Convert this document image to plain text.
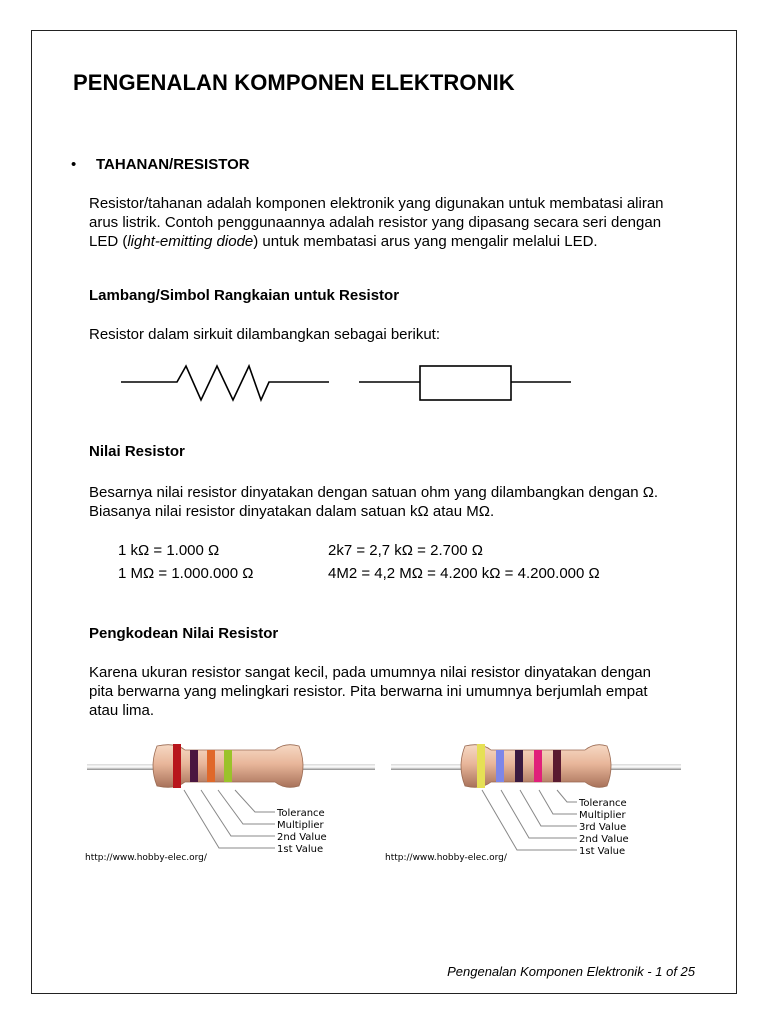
PENGENALAN KOMPONEN ELEKTRONIK
• TAHANAN/RESISTOR
Resistor/tahanan adalah komponen elektronik yang digunakan untuk membatasi aliran
arus listrik. Contoh penggunaannya adalah resistor yang dipasang secara seri dengan
LED (light-emitting diode) untuk membatasi arus yang mengalir melalui LED.
Lambang/Simbol Rangkaian untuk Resistor
Resistor dalam sirkuit dilambangkan sebagai berikut:
Nilai Resistor
Besarnya nilai resistor dinyatakan dengan satuan ohm yang dilambangkan dengan Ω.
Biasanya nilai resistor dinyatakan dalam satuan kΩ atau MΩ.
1 kΩ = 1.000 Ω	2k7 = 2,7 kΩ = 2.700 Ω
1 MΩ = 1.000.000 Ω	4M2 = 4,2 MΩ = 4.200 kΩ = 4.200.000 Ω
Pengkodean Nilai Resistor
Karena ukuran resistor sangat kecil, pada umumnya nilai resistor dinyatakan dengan
pita berwarna yang melingkari resistor. Pita berwarna ini umumnya berjumlah empat
atau lima.
Tolerance
Multiplier
2nd Value
1st Value
http://www.hobby-elec.org/
Tolerance
Multiplier
3rd Value
2nd Value
1st Value
http://www.hobby-elec.org/
Pengenalan Komponen Elektronik - 1 of 25
